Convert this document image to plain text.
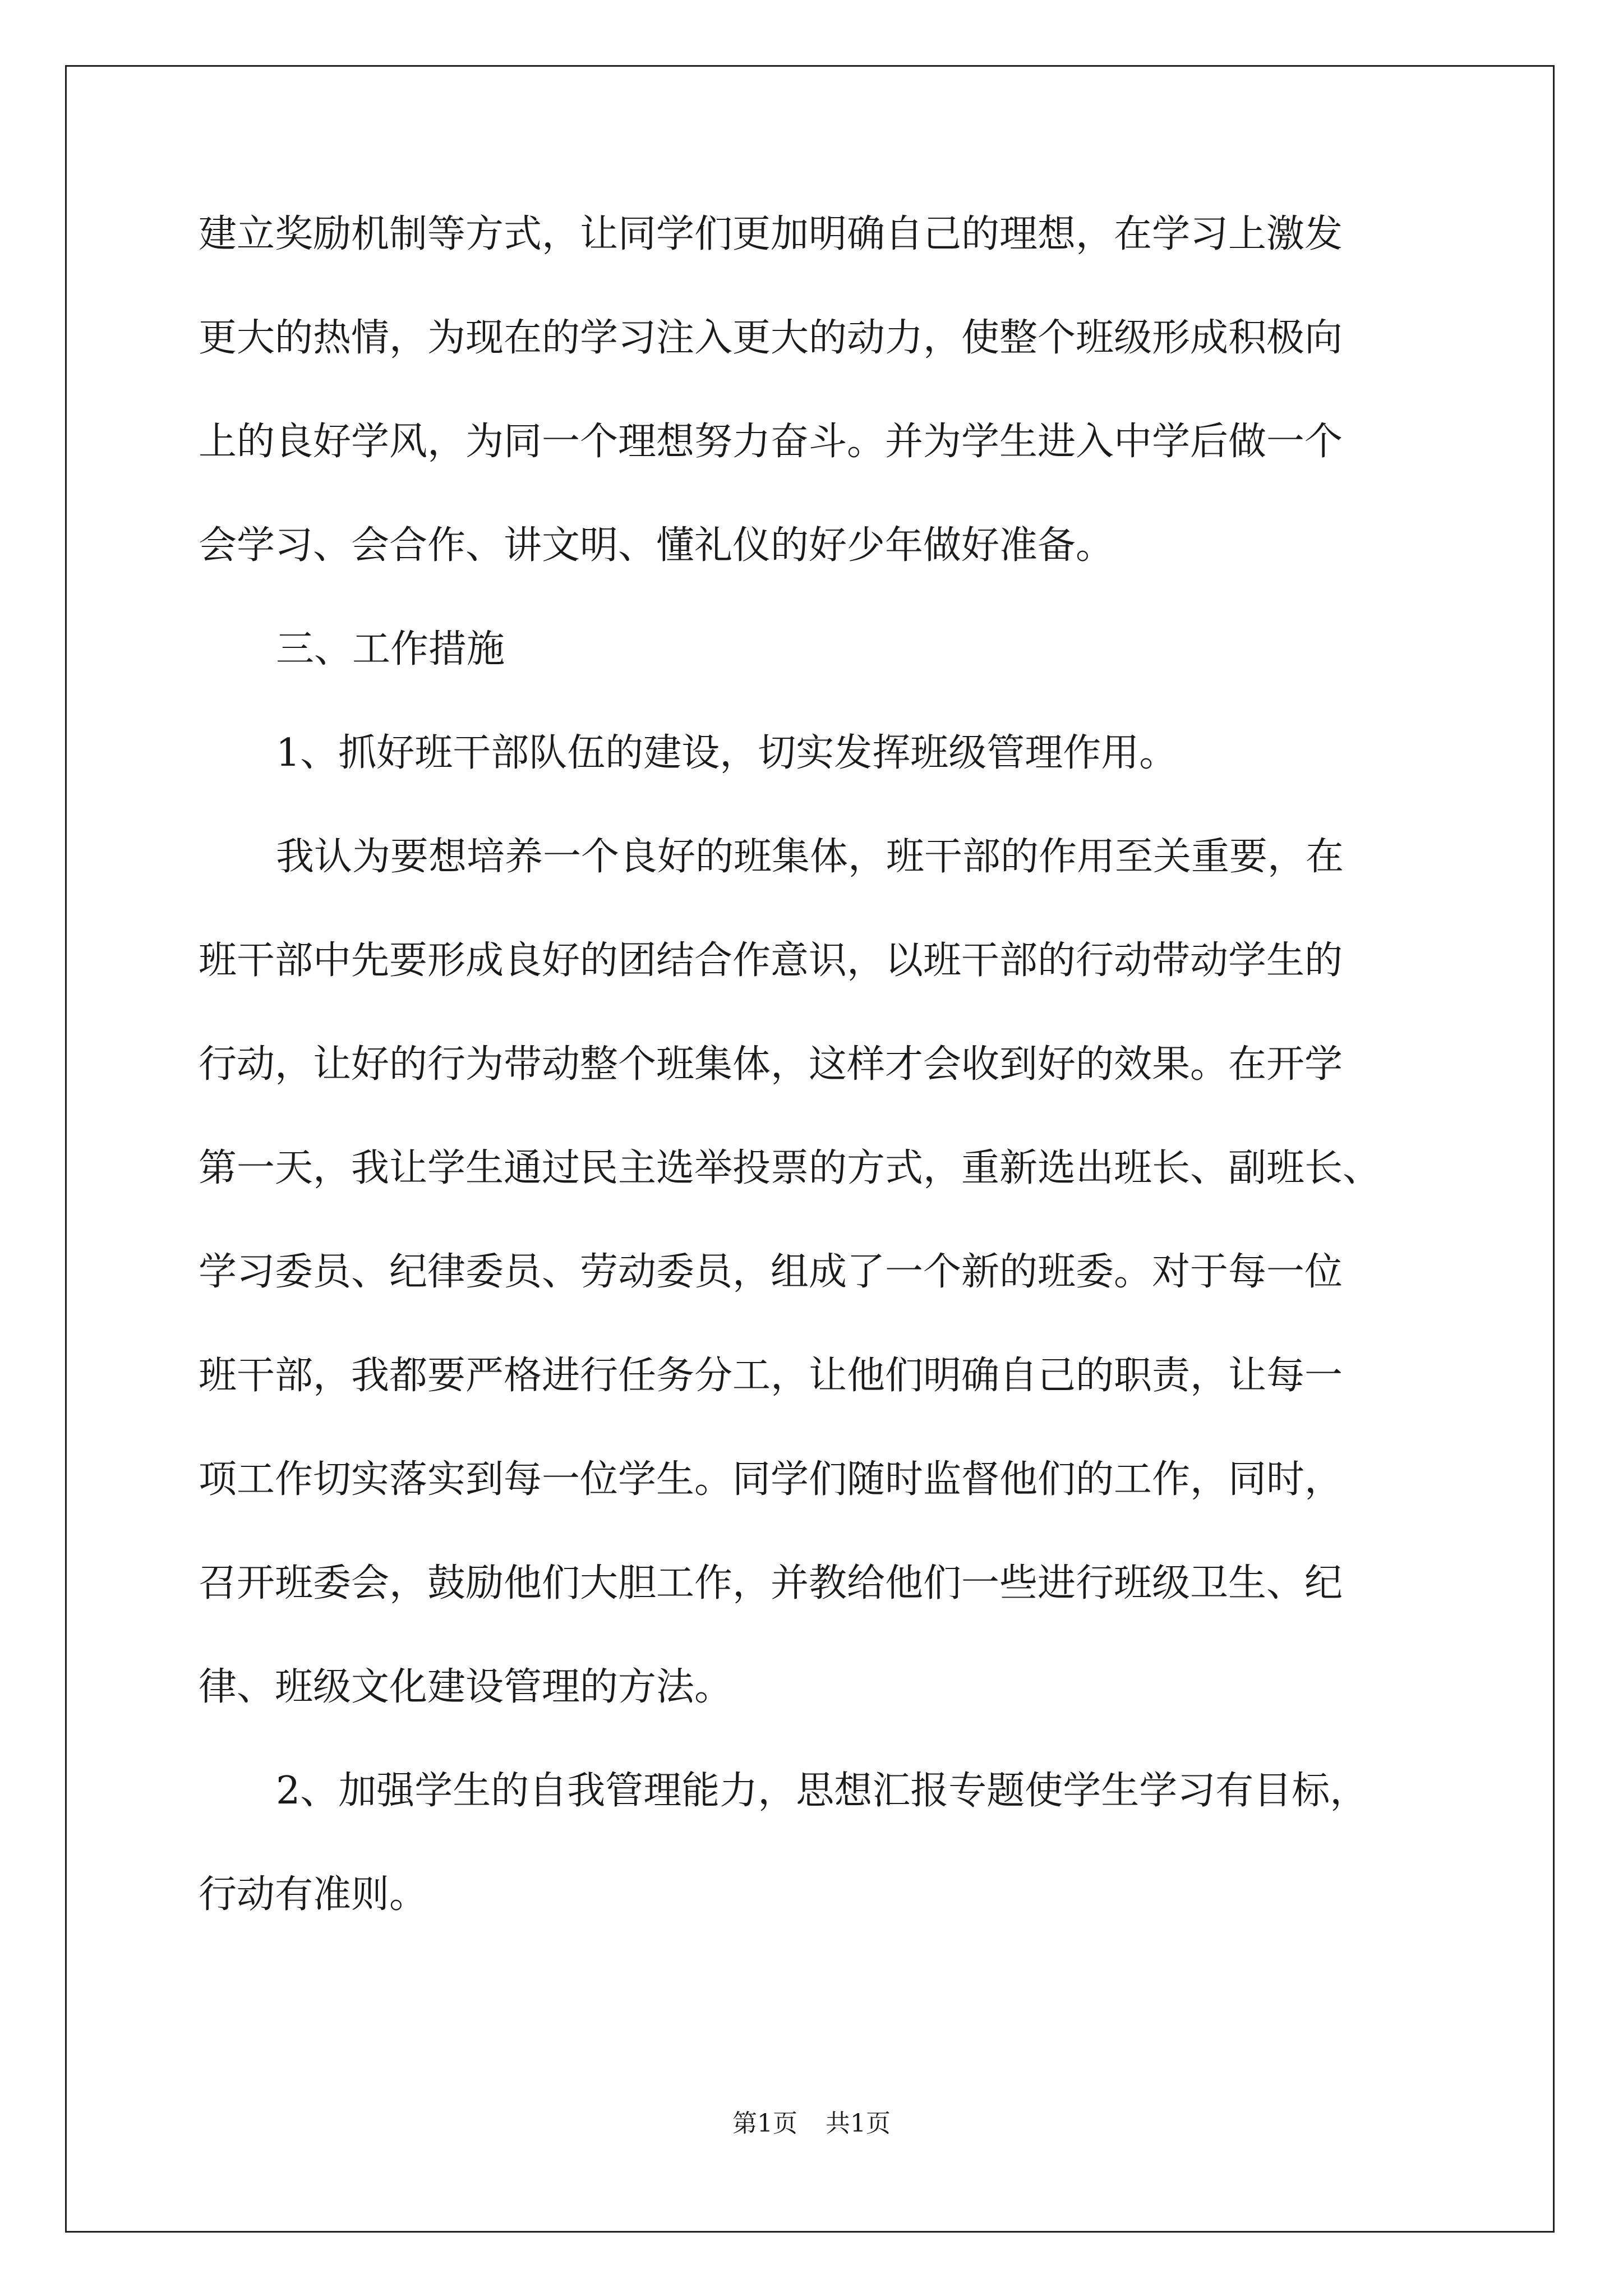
建立奖励机制等方式，让同学们更加明确自己的理想，在学习上激发
更大的热情，为现在的学习注入更大的动力，使整个班级形成积极向
上的良好学风，为同一个理想努力奋斗。并为学生进入中学后做一个
会学习、会合作、讲文明、懂礼仪的好少年做好准备。
三、工作措施
1、抓好班干部队伍的建设，切实发挥班级管理作用。
我认为要想培养一个良好的班集体，班干部的作用至关重要，在
班干部中先要形成良好的团结合作意识，以班干部的行动带动学生的
行动，让好的行为带动整个班集体，这样才会收到好的效果。在开学
第一天，我让学生通过民主选举投票的方式，重新选出班长、副班长、
学习委员、纪律委员、劳动委员，组成了一个新的班委。对于每一位
班干部，我都要严格进行任务分工，让他们明确自己的职责，让每一
项工作切实落实到每一位学生。同学们随时监督他们的工作，同时，
召开班委会，鼓励他们大胆工作，并教给他们一些进行班级卫生、纪
律、班级文化建设管理的方法。
2、加强学生的自我管理能力，思想汇报专题使学生学习有目标，
行动有准则。
第1页 共1页
